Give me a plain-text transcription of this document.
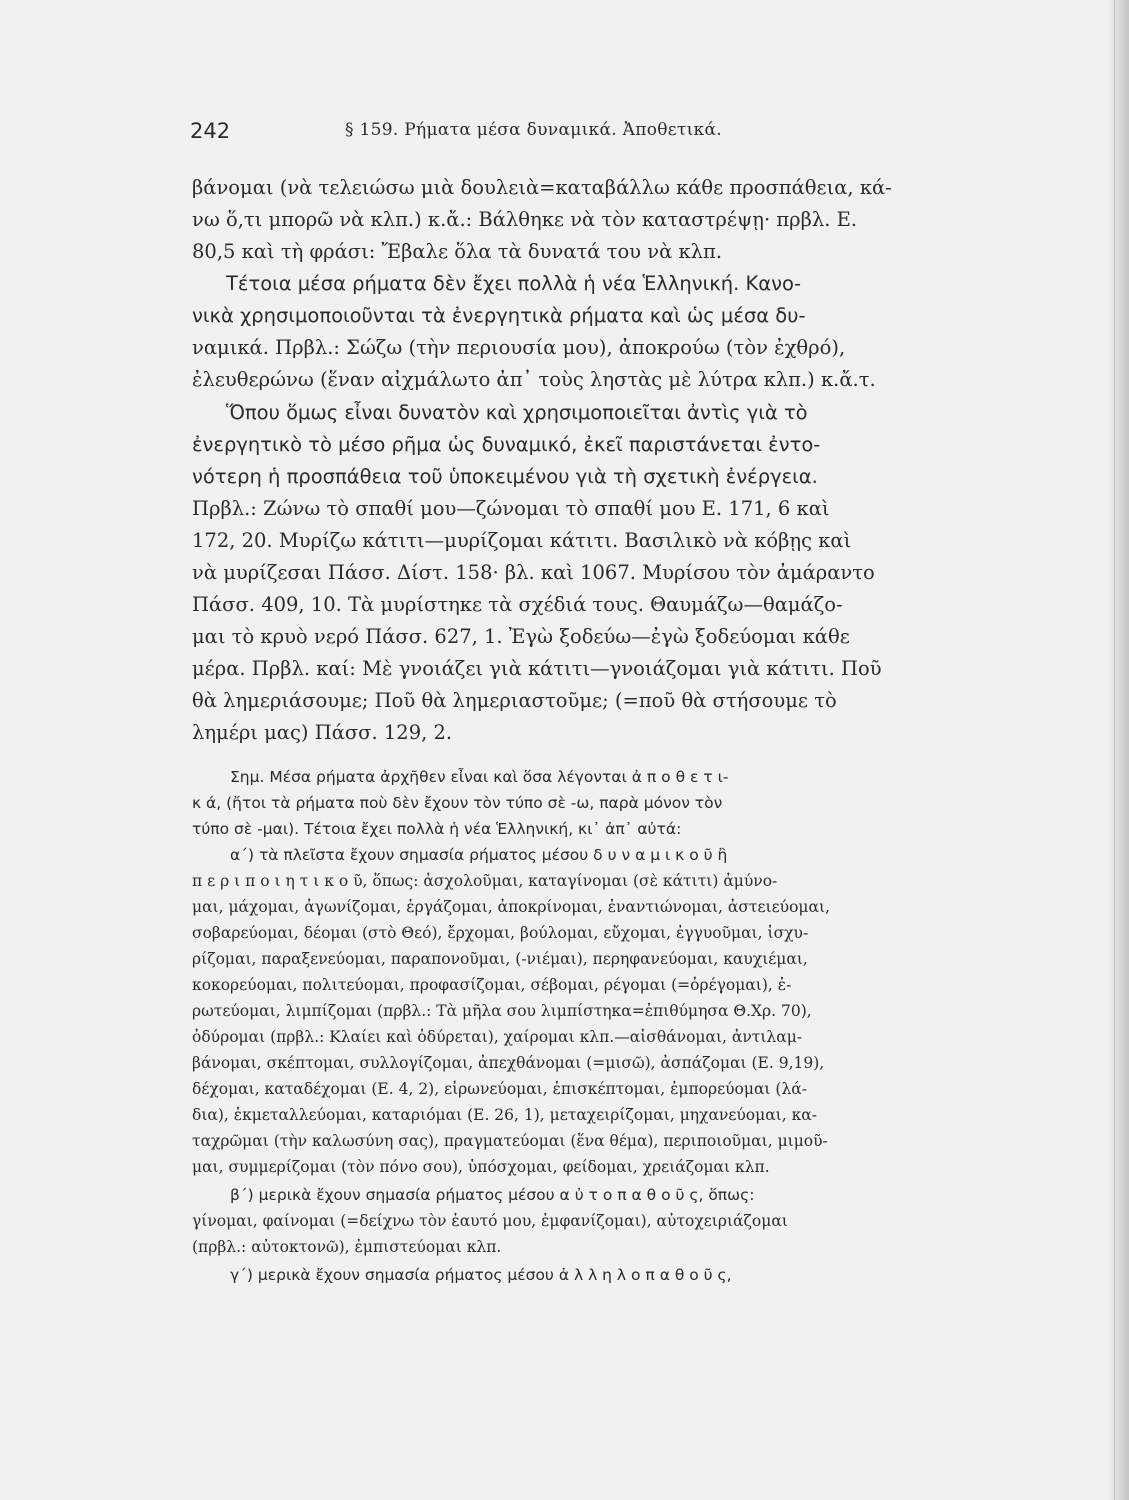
242	§ 159. Ρήματα μέσα δυναμικά. Ἀποθετικά.
βάνομαι (νὰ τελειώσω μιὰ δουλειὰ=καταβάλλω κάθε προσπάθεια, κά-
νω ὅ,τι μπορῶ νὰ κλπ.) κ.ἄ.: Βάλθηκε νὰ τὸν καταστρέψῃ· πρβλ. Ε.
80,5 καὶ τὴ φράσι: Ἔβαλε ὅλα τὰ δυνατά του νὰ κλπ.
Τέτοια μέσα ρήματα δὲν ἔχει πολλὰ ἡ νέα Ἑλληνική. Κανο-
νικὰ χρησιμοποιοῦνται τὰ ἐνεργητικὰ ρήματα καὶ ὡς μέσα δυ-
ναμικά. Πρβλ.: Σώζω (τὴν περιουσία μου), ἀποκρούω (τὸν ἐχθρό),
ἐλευθερώνω (ἕναν αἰχμάλωτο ἀπ᾽ τοὺς ληστὰς μὲ λύτρα κλπ.) κ.ἄ.τ.
Ὅπου ὅμως εἶναι δυνατὸν καὶ χρησιμοποιεῖται ἀντὶς γιὰ τὸ
ἐνεργητικὸ τὸ μέσο ρῆμα ὡς δυναμικό, ἐκεῖ παριστάνεται ἐντο-
νότερη ἡ προσπάθεια τοῦ ὑποκειμένου γιὰ τὴ σχετικὴ ἐνέργεια.
Πρβλ.: Ζώνω τὸ σπαθί μου—ζώνομαι τὸ σπαθί μου Ε. 171, 6 καὶ
172, 20. Μυρίζω κάτιτι—μυρίζομαι κάτιτι. Βασιλικὸ νὰ κόβῃς καὶ
νὰ μυρίζεσαι Πάσσ. Δίστ. 158· βλ. καὶ 1067. Μυρίσου τὸν ἀμάραντο
Πάσσ. 409, 10. Τὰ μυρίστηκε τὰ σχέδιά τους. Θαυμάζω—θαμάζο-
μαι τὸ κρυὸ νερό Πάσσ. 627, 1. Ἐγὼ ξοδεύω—ἐγὼ ξοδεύομαι κάθε
μέρα. Πρβλ. καί: Μὲ γνοιάζει γιὰ κάτιτι—γνοιάζομαι γιὰ κάτιτι. Ποῦ
θὰ λημεριάσουμε; Ποῦ θὰ λημεριαστοῦμε; (=ποῦ θὰ στήσουμε τὸ
λημέρι μας) Πάσσ. 129, 2.
Σημ. Μέσα ρήματα ἀρχῆθεν εἶναι καὶ ὅσα λέγονται ἀ π ο θ ε τ ι-
κ ά, (ἤτοι τὰ ρήματα ποὺ δὲν ἔχουν τὸν τύπο σὲ -ω, παρὰ μόνον τὸν
τύπο σὲ -μαι). Τέτοια ἔχει πολλὰ ἡ νέα Ἑλληνική, κι᾽ ἀπ᾽ αὐτά:
α´) τὰ πλεῖστα ἔχουν σημασία ρήματος μέσου δ υ ν α μ ι κ ο ῦ ἢ
π ε ρ ι π ο ι η τ ι κ ο ῦ, ὅπως: ἀσχολοῦμαι, καταγίνομαι (σὲ κάτιτι) ἀμύνο-
μαι, μάχομαι, ἀγωνίζομαι, ἐργάζομαι, ἀποκρίνομαι, ἐναντιώνομαι, ἀστειεύομαι,
σοβαρεύομαι, δέομαι (στὸ Θεό), ἔρχομαι, βούλομαι, εὔχομαι, ἐγγυοῦμαι, ἰσχυ-
ρίζομαι, παραξενεύομαι, παραπονοῦμαι, (-νιέμαι), περηφανεύομαι, καυχιέμαι,
κοκορεύομαι, πολιτεύομαι, προφασίζομαι, σέβομαι, ρέγομαι (=ὀρέγομαι), ἐ-
ρωτεύομαι, λιμπίζομαι (πρβλ.: Τὰ μῆλα σου λιμπίστηκα=ἐπιθύμησα Θ.Χρ. 70),
ὀδύρομαι (πρβλ.: Κλαίει καὶ ὀδύρεται), χαίρομαι κλπ.—αἰσθάνομαι, ἀντιλαμ-
βάνομαι, σκέπτομαι, συλλογίζομαι, ἀπεχθάνομαι (=μισῶ), ἀσπάζομαι (Ε. 9,19),
δέχομαι, καταδέχομαι (Ε. 4, 2), εἰρωνεύομαι, ἐπισκέπτομαι, ἐμπορεύομαι (λά-
δια), ἐκμεταλλεύομαι, καταριόμαι (Ε. 26, 1), μεταχειρίζομαι, μηχανεύομαι, κα-
ταχρῶμαι (τὴν καλωσύνη σας), πραγματεύομαι (ἕνα θέμα), περιποιοῦμαι, μιμοῦ-
μαι, συμμερίζομαι (τὸν πόνο σου), ὑπόσχομαι, φείδομαι, χρειάζομαι κλπ.
β´) μερικὰ ἔχουν σημασία ρήματος μέσου α ὐ τ ο π α θ ο ῦ ς, ὅπως:
γίνομαι, φαίνομαι (=δείχνω τὸν ἑαυτό μου, ἐμφανίζομαι), αὐτοχειριάζομαι
(πρβλ.: αὐτοκτονῶ), ἐμπιστεύομαι κλπ.
γ´) μερικὰ ἔχουν σημασία ρήματος μέσου ἀ λ λ η λ ο π α θ ο ῦ ς,
